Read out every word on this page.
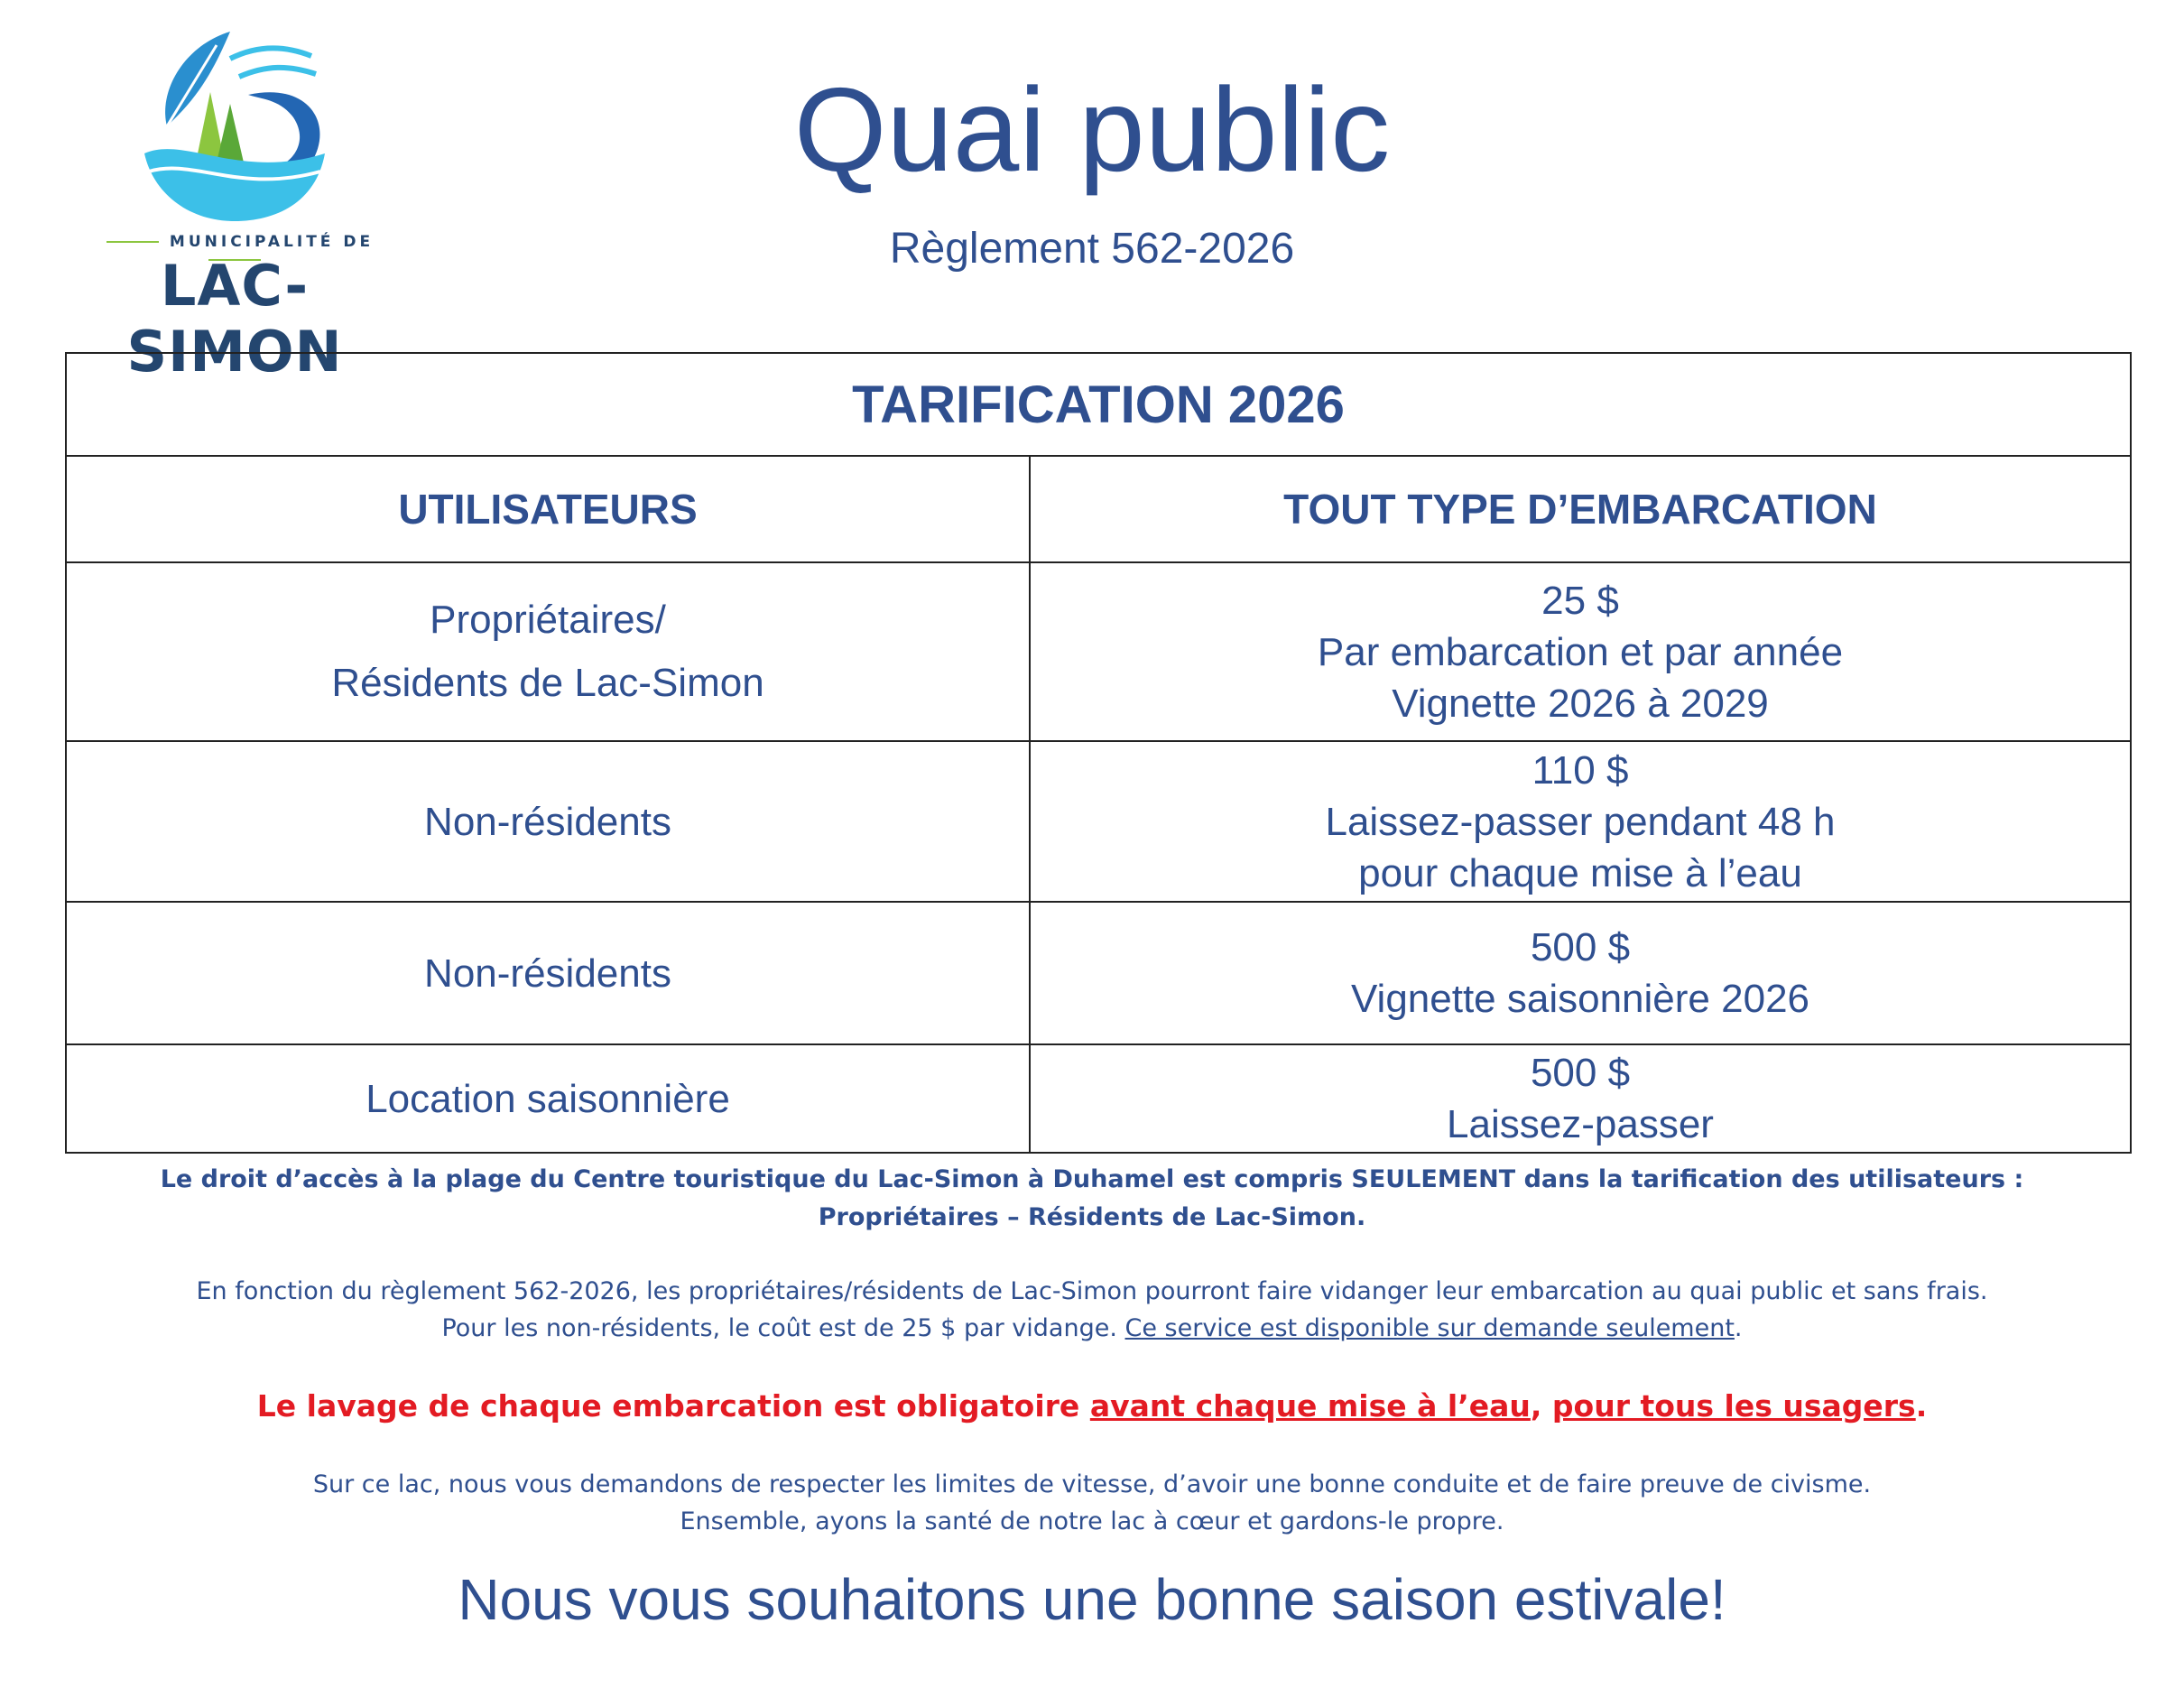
MUNICIPALITÉ DE
LAC-SIMON
Quai public
Règlement 562-2026
TARIFICATION 2026	
UTILISATEURS	TOUT TYPE D’EMBARCATION

Propriétaires/
Résidents de Lac-Simon	25 $
Par embarcation et par année
Vignette 2026 à 2029

Non-résidents	110 $
Laissez-passer pendant 48 h
pour chaque mise à l’eau

Non-résidents	500 $
Vignette saisonnière 2026

Location saisonnière	500 $
Laissez-passer
Le droit d’accès à la plage du Centre touristique du Lac-Simon à Duhamel est compris SEULEMENT dans la tarification des utilisateurs :
Propriétaires – Résidents de Lac-Simon.
En fonction du règlement 562-2026, les propriétaires/résidents de Lac-Simon pourront faire vidanger leur embarcation au quai public et sans frais.
Pour les non-résidents, le coût est de 25 $ par vidange. Ce service est disponible sur demande seulement.
Le lavage de chaque embarcation est obligatoire avant chaque mise à l’eau, pour tous les usagers.
Sur ce lac, nous vous demandons de respecter les limites de vitesse, d’avoir une bonne conduite et de faire preuve de civisme.
Ensemble, ayons la santé de notre lac à cœur et gardons-le propre.
Nous vous souhaitons une bonne saison estivale!
